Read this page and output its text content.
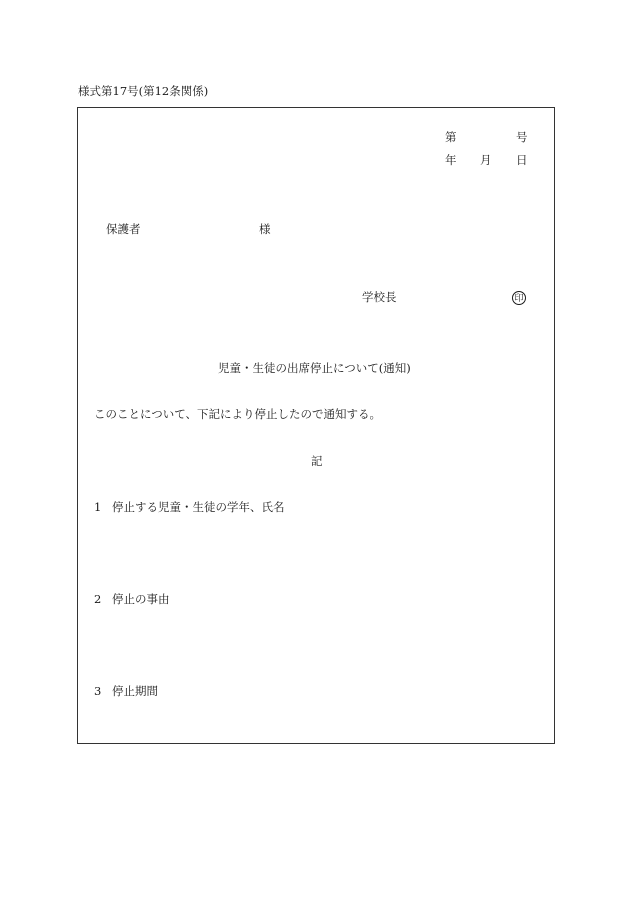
様式第17号(第12条関係)
第	号
年 月 日
保護者	様
学校長	印
児童・生徒の出席停止について(通知)
このことについて、下記により停止したので通知する。
記
1 停止する児童・生徒の学年、氏名
2 停止の事由
3 停止期間
